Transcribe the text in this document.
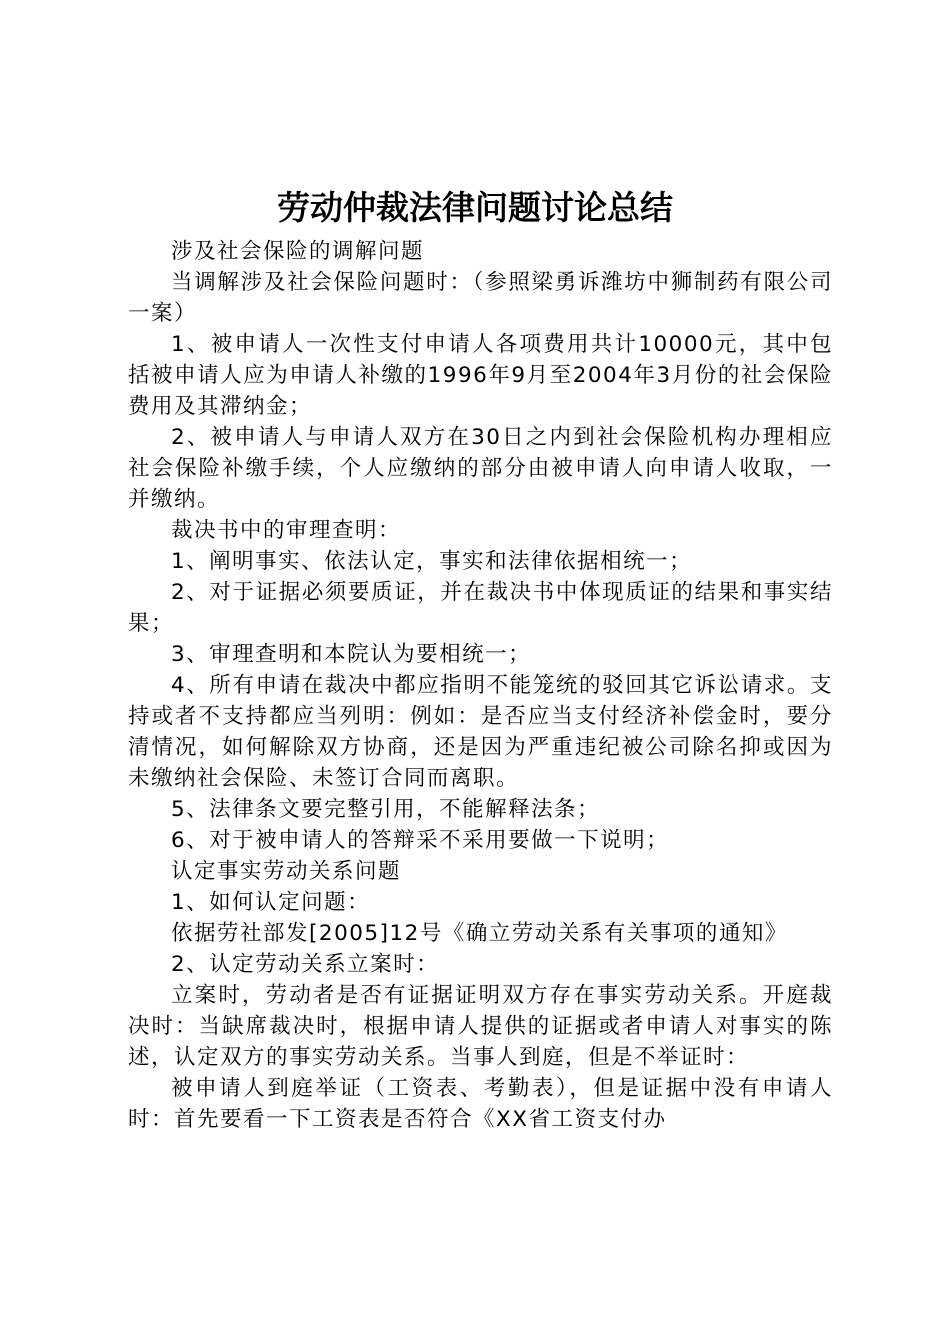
劳动仲裁法律问题讨论总结

涉及社会保险的调解问题

当调解涉及社会保险问题时：（参照梁勇诉潍坊中狮制药有限公司一案）

1、被申请人一次性支付申请人各项费用共计10000元，其中包括被申请人应为申请人补缴的1996年9月至2004年3月份的社会保险费用及其滞纳金；

2、被申请人与申请人双方在30日之内到社会保险机构办理相应社会保险补缴手续，个人应缴纳的部分由被申请人向申请人收取，一并缴纳。

裁决书中的审理查明：

1、阐明事实、依法认定，事实和法律依据相统一；

2、对于证据必须要质证，并在裁决书中体现质证的结果和事实结果；

3、审理查明和本院认为要相统一；

4、所有申请在裁决中都应指明不能笼统的驳回其它诉讼请求。支持或者不支持都应当列明：例如：是否应当支付经济补偿金时，要分清情况，如何解除双方协商，还是因为严重违纪被公司除名抑或因为未缴纳社会保险、未签订合同而离职。

5、法律条文要完整引用，不能解释法条；

6、对于被申请人的答辩采不采用要做一下说明；

认定事实劳动关系问题

1、如何认定问题：

依据劳社部发[2005]12号《确立劳动关系有关事项的通知》

2、认定劳动关系立案时：

立案时，劳动者是否有证据证明双方存在事实劳动关系。开庭裁决时：当缺席裁决时，根据申请人提供的证据或者申请人对事实的陈述，认定双方的事实劳动关系。当事人到庭，但是不举证时：

被申请人到庭举证（工资表、考勤表），但是证据中没有申请人时：首先要看一下工资表是否符合《XX省工资支付办
